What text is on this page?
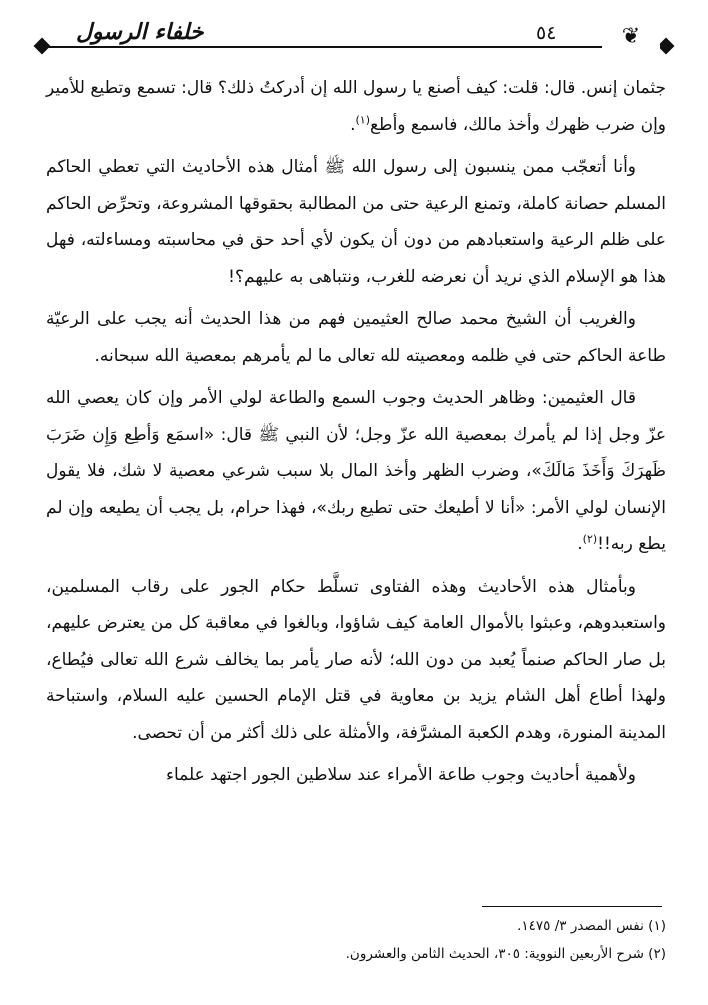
خلفاء الرسول	٥٤	❦

جثمان إنس. قال: قلت: كيف أصنع يا رسول الله إن أدركتُ ذلك؟ قال: تسمع وتطيع للأمير وإن ضرب ظهرك وأخذ مالك، فاسمع وأطع$^{(١)}$.

وأنا أتعجّب ممن ينسبون إلى رسول الله ﷺ أمثال هذه الأحاديث التي تعطي الحاكم المسلم حصانة كاملة، وتمنع الرعية حتى من المطالبة بحقوقها المشروعة، وتحرِّض الحاكم على ظلم الرعية واستعبادهم من دون أن يكون لأي أحد حق في محاسبته ومساءلته، فهل هذا هو الإسلام الذي نريد أن نعرضه للغرب، ونتباهى به عليهم؟!

والغريب أن الشيخ محمد صالح العثيمين فهم من هذا الحديث أنه يجب على الرعيّة طاعة الحاكم حتى في ظلمه ومعصيته لله تعالى ما لم يأمرهم بمعصية الله سبحانه.

قال العثيمين: وظاهر الحديث وجوب السمع والطاعة لولي الأمر وإن كان يعصي الله عزّ وجل إذا لم يأمرك بمعصية الله عزّ وجل؛ لأن النبي ﷺ قال: «اسمَع وَأطِع وَإِن ضَرَبَ ظَهرَكَ وَأَخَذَ مَالَكَ»، وضرب الظهر وأخذ المال بلا سبب شرعي معصية لا شك، فلا يقول الإنسان لولي الأمر: «أنا لا أطيعك حتى تطيع ربك»، فهذا حرام، بل يجب أن يطيعه وإن لم يطع ربه!!$^{(٢)}$.

وبأمثال هذه الأحاديث وهذه الفتاوى تسلَّط حكام الجور على رقاب المسلمين، واستعبدوهم، وعبثوا بالأموال العامة كيف شاؤوا، وبالغوا في معاقبة كل من يعترض عليهم، بل صار الحاكم صنماً يُعبد من دون الله؛ لأنه صار يأمر بما يخالف شرع الله تعالى فيُطاع، ولهذا أطاع أهل الشام يزيد بن معاوية في قتل الإمام الحسين عليه السلام، واستباحة المدينة المنورة، وهدم الكعبة المشرَّفة، والأمثلة على ذلك أكثر من أن تحصى.

ولأهمية أحاديث وجوب طاعة الأمراء عند سلاطين الجور اجتهد علماء

(١) نفس المصدر ٣/ ١٤٧٥.
(٢) شرح الأربعين النووية: ٣٠٥، الحديث الثامن والعشرون.
